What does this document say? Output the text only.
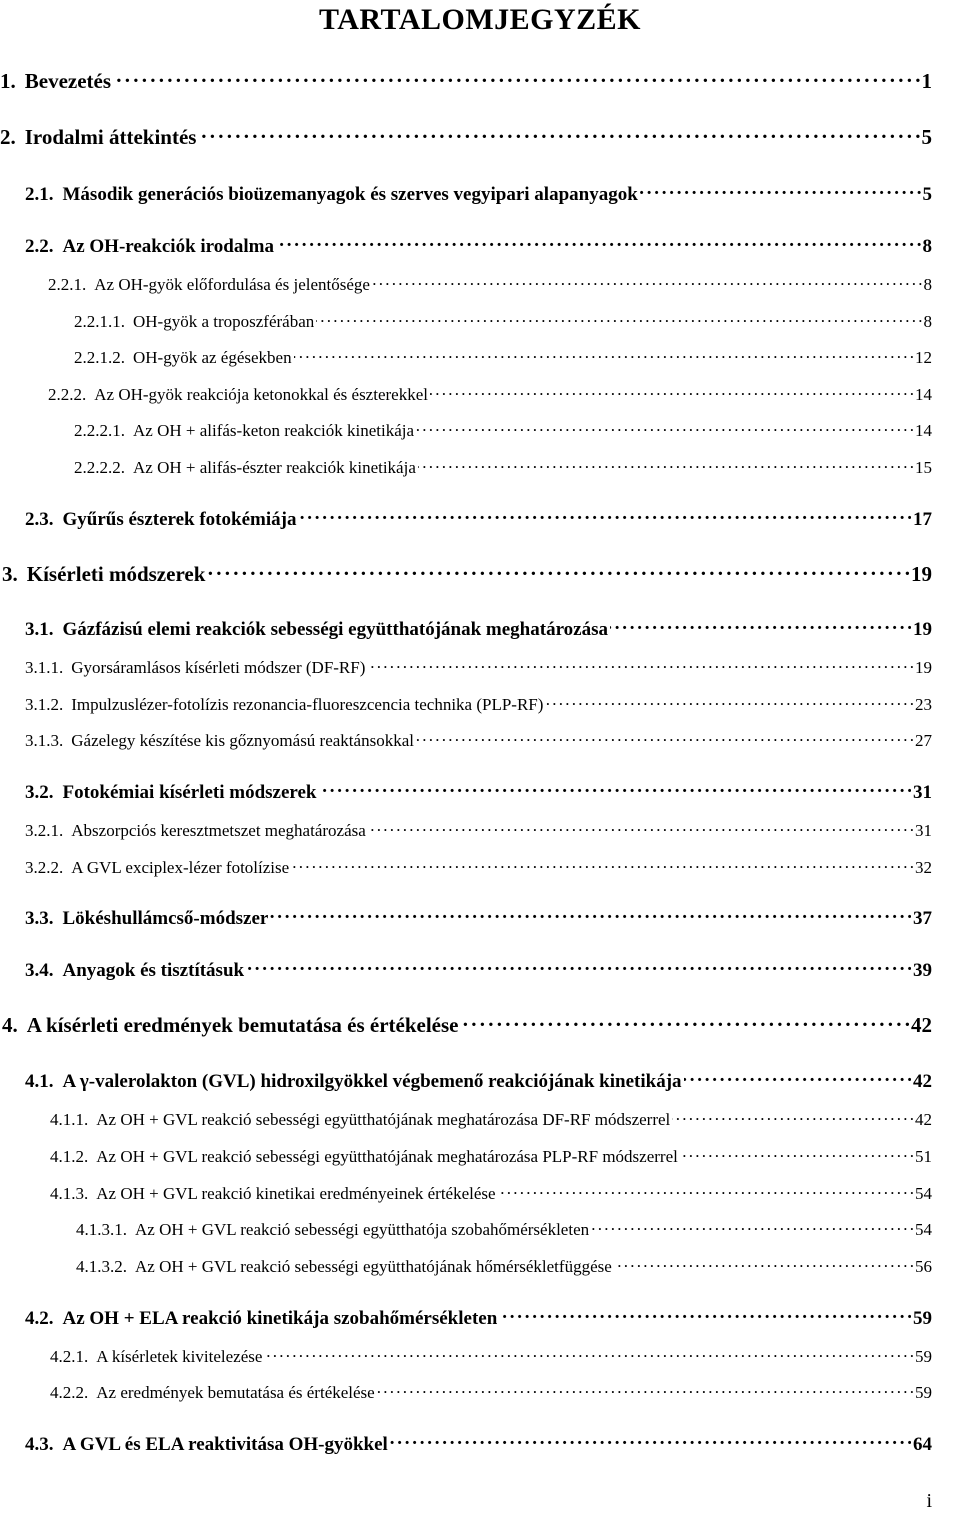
TARTALOMJEGYZÉK
1. Bevezetés . . .	1
2. Irodalmi áttekintés . . .	5
2.1. Második generációs bioüzemanyagok és szerves vegyipari alapanyagok . . .	5
2.2. Az OH-reakciók irodalma . . .	8
2.2.1. Az OH-gyök előfordulása és jelentősége . . .	8
2.2.1.1. OH-gyök a troposzférában . . .	8
2.2.1.2. OH-gyök az égésekben . . .	12
2.2.2. Az OH-gyök reakciója ketonokkal és észterekkel . . .	14
2.2.2.1. Az OH + alifás-keton reakciók kinetikája . . .	14
2.2.2.2. Az OH + alifás-észter reakciók kinetikája . . .	15
2.3. Gyűrűs észterek fotokémiája . . .	17
3. Kísérleti módszerek . . .	19
3.1. Gázfázisú elemi reakciók sebességi együtthatójának meghatározása . . .	19
3.1.1. Gyorsáramlásos kísérleti módszer (DF-RF) . . .	19
3.1.2. Impulzuslézer-fotolízis rezonancia-fluoreszcencia technika (PLP-RF) . . .	23
3.1.3. Gázelegy készítése kis gőznyomású reaktánsokkal . . .	27
3.2. Fotokémiai kísérleti módszerek . . .	31
3.2.1. Abszorpciós keresztmetszet meghatározása . . .	31
3.2.2. A GVL exciplex-lézer fotolízise . . .	32
3.3. Lökéshullámcső-módszer . . .	37
3.4. Anyagok és tisztításuk . . .	39
4. A kísérleti eredmények bemutatása és értékelése . . .	42
4.1. A γ-valerolakton (GVL) hidroxilgyökkel végbemenő reakciójának kinetikája . . .	42
4.1.1. Az OH + GVL reakció sebességi együtthatójának meghatározása DF-RF módszerrel . . .	42
4.1.2. Az OH + GVL reakció sebességi együtthatójának meghatározása PLP-RF módszerrel . . .	51
4.1.3. Az OH + GVL reakció kinetikai eredményeinek értékelése . . .	54
4.1.3.1. Az OH + GVL reakció sebességi együtthatója szobahőmérsékleten . . .	54
4.1.3.2. Az OH + GVL reakció sebességi együtthatójának hőmérsékletfüggése . . .	56
4.2. Az OH + ELA reakció kinetikája szobahőmérsékleten . . .	59
4.2.1. A kísérletek kivitelezése . . .	59
4.2.2. Az eredmények bemutatása és értékelése . . .	59
4.3. A GVL és ELA reaktivitása OH-gyökkel . . .	64
i
